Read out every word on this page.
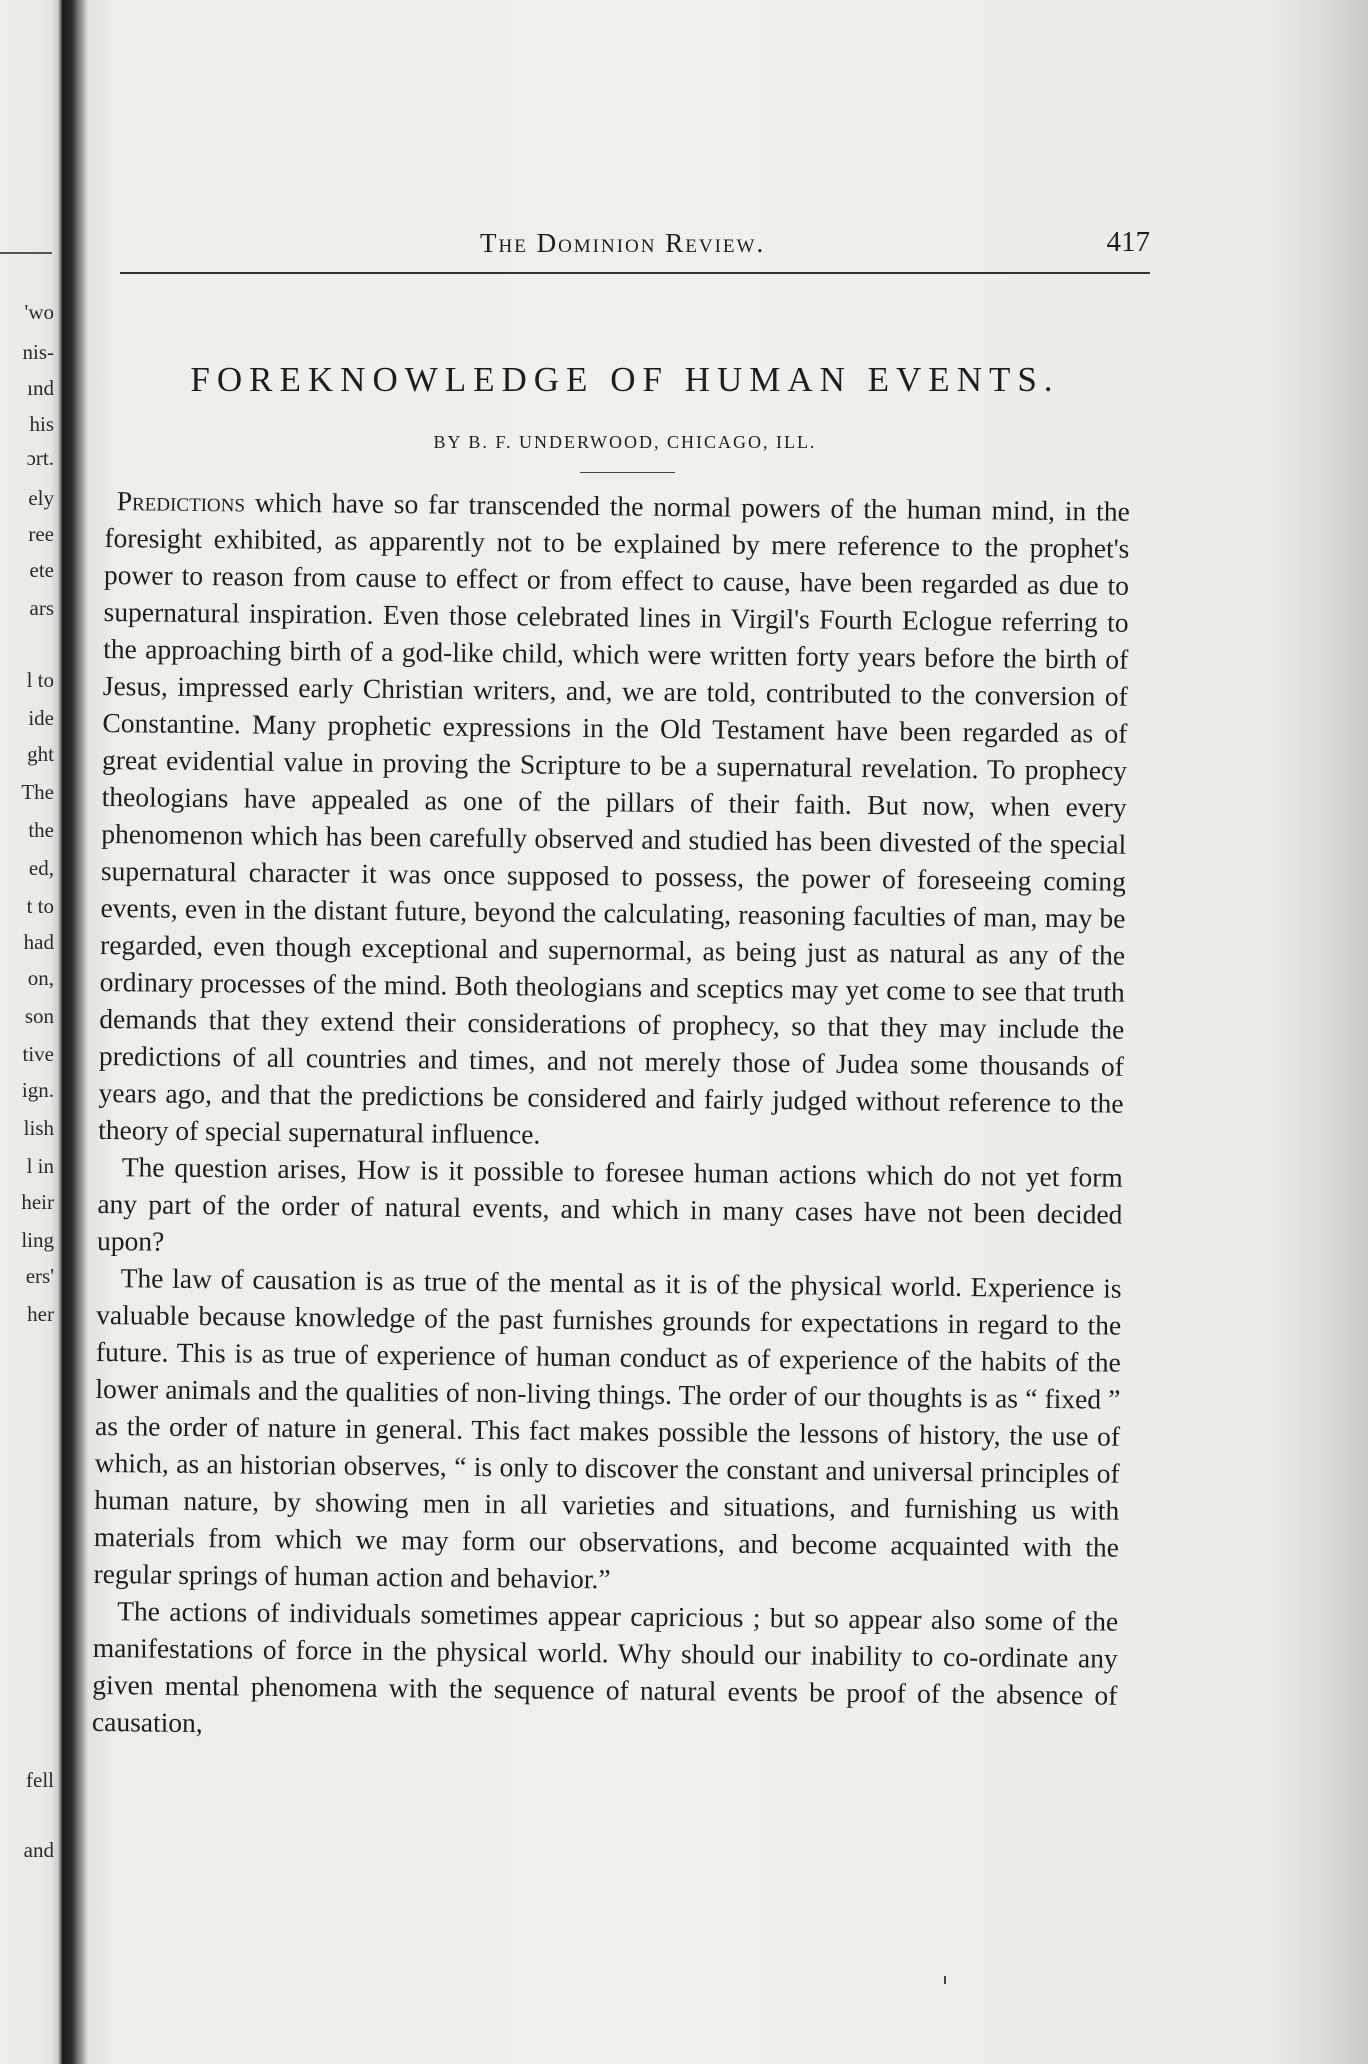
'wo
nis-
ınd
his
ɔrt.
ely
ree
ete
ars
l to
ide
ght
The
the
ed,
t to
had
on,
son
tive
ign.
lish
l in
heir
ling
ers'
her
fell
and
The Dominion Review.	417
FOREKNOWLEDGE OF HUMAN EVENTS.
BY B. F. UNDERWOOD, CHICAGO, ILL.

Predictions which have so far transcended the normal powers of the human mind, in the foresight exhibited, as apparently not to be explained by mere reference to the prophet's power to reason from cause to effect or from effect to cause, have been regarded as due to supernatural inspiration. Even those celebrated lines in Virgil's Fourth Eclogue referring to the approaching birth of a god-like child, which were written forty years before the birth of Jesus, impressed early Christian writers, and, we are told, contributed to the conversion of Constantine. Many prophetic expressions in the Old Testament have been regarded as of great evidential value in proving the Scripture to be a supernatural revelation. To prophecy theologians have appealed as one of the pillars of their faith. But now, when every phenomenon which has been carefully observed and studied has been divested of the special supernatural character it was once supposed to possess, the power of foreseeing coming events, even in the distant future, beyond the calculating, reasoning faculties of man, may be regarded, even though exceptional and supernormal, as being just as natural as any of the ordinary processes of the mind. Both theologians and sceptics may yet come to see that truth demands that they extend their considerations of prophecy, so that they may include the predictions of all countries and times, and not merely those of Judea some thousands of years ago, and that the predictions be considered and fairly judged without reference to the theory of special supernatural influence.

The question arises, How is it possible to foresee human actions which do not yet form any part of the order of natural events, and which in many cases have not been decided upon?

The law of causation is as true of the mental as it is of the physical world. Experience is valuable because knowledge of the past furnishes grounds for expectations in regard to the future. This is as true of experience of human conduct as of experience of the habits of the lower animals and the qualities of non-living things. The order of our thoughts is as “ fixed ” as the order of nature in general. This fact makes possible the lessons of history, the use of which, as an historian observes, “ is only to discover the constant and universal principles of human nature, by showing men in all varieties and situations, and furnishing us with materials from which we may form our observations, and become acquainted with the regular springs of human action and behavior.”

The actions of individuals sometimes appear capricious ; but so appear also some of the manifestations of force in the physical world. Why should our inability to co-ordinate any given mental phenomena with the sequence of natural events be proof of the absence of causation,
